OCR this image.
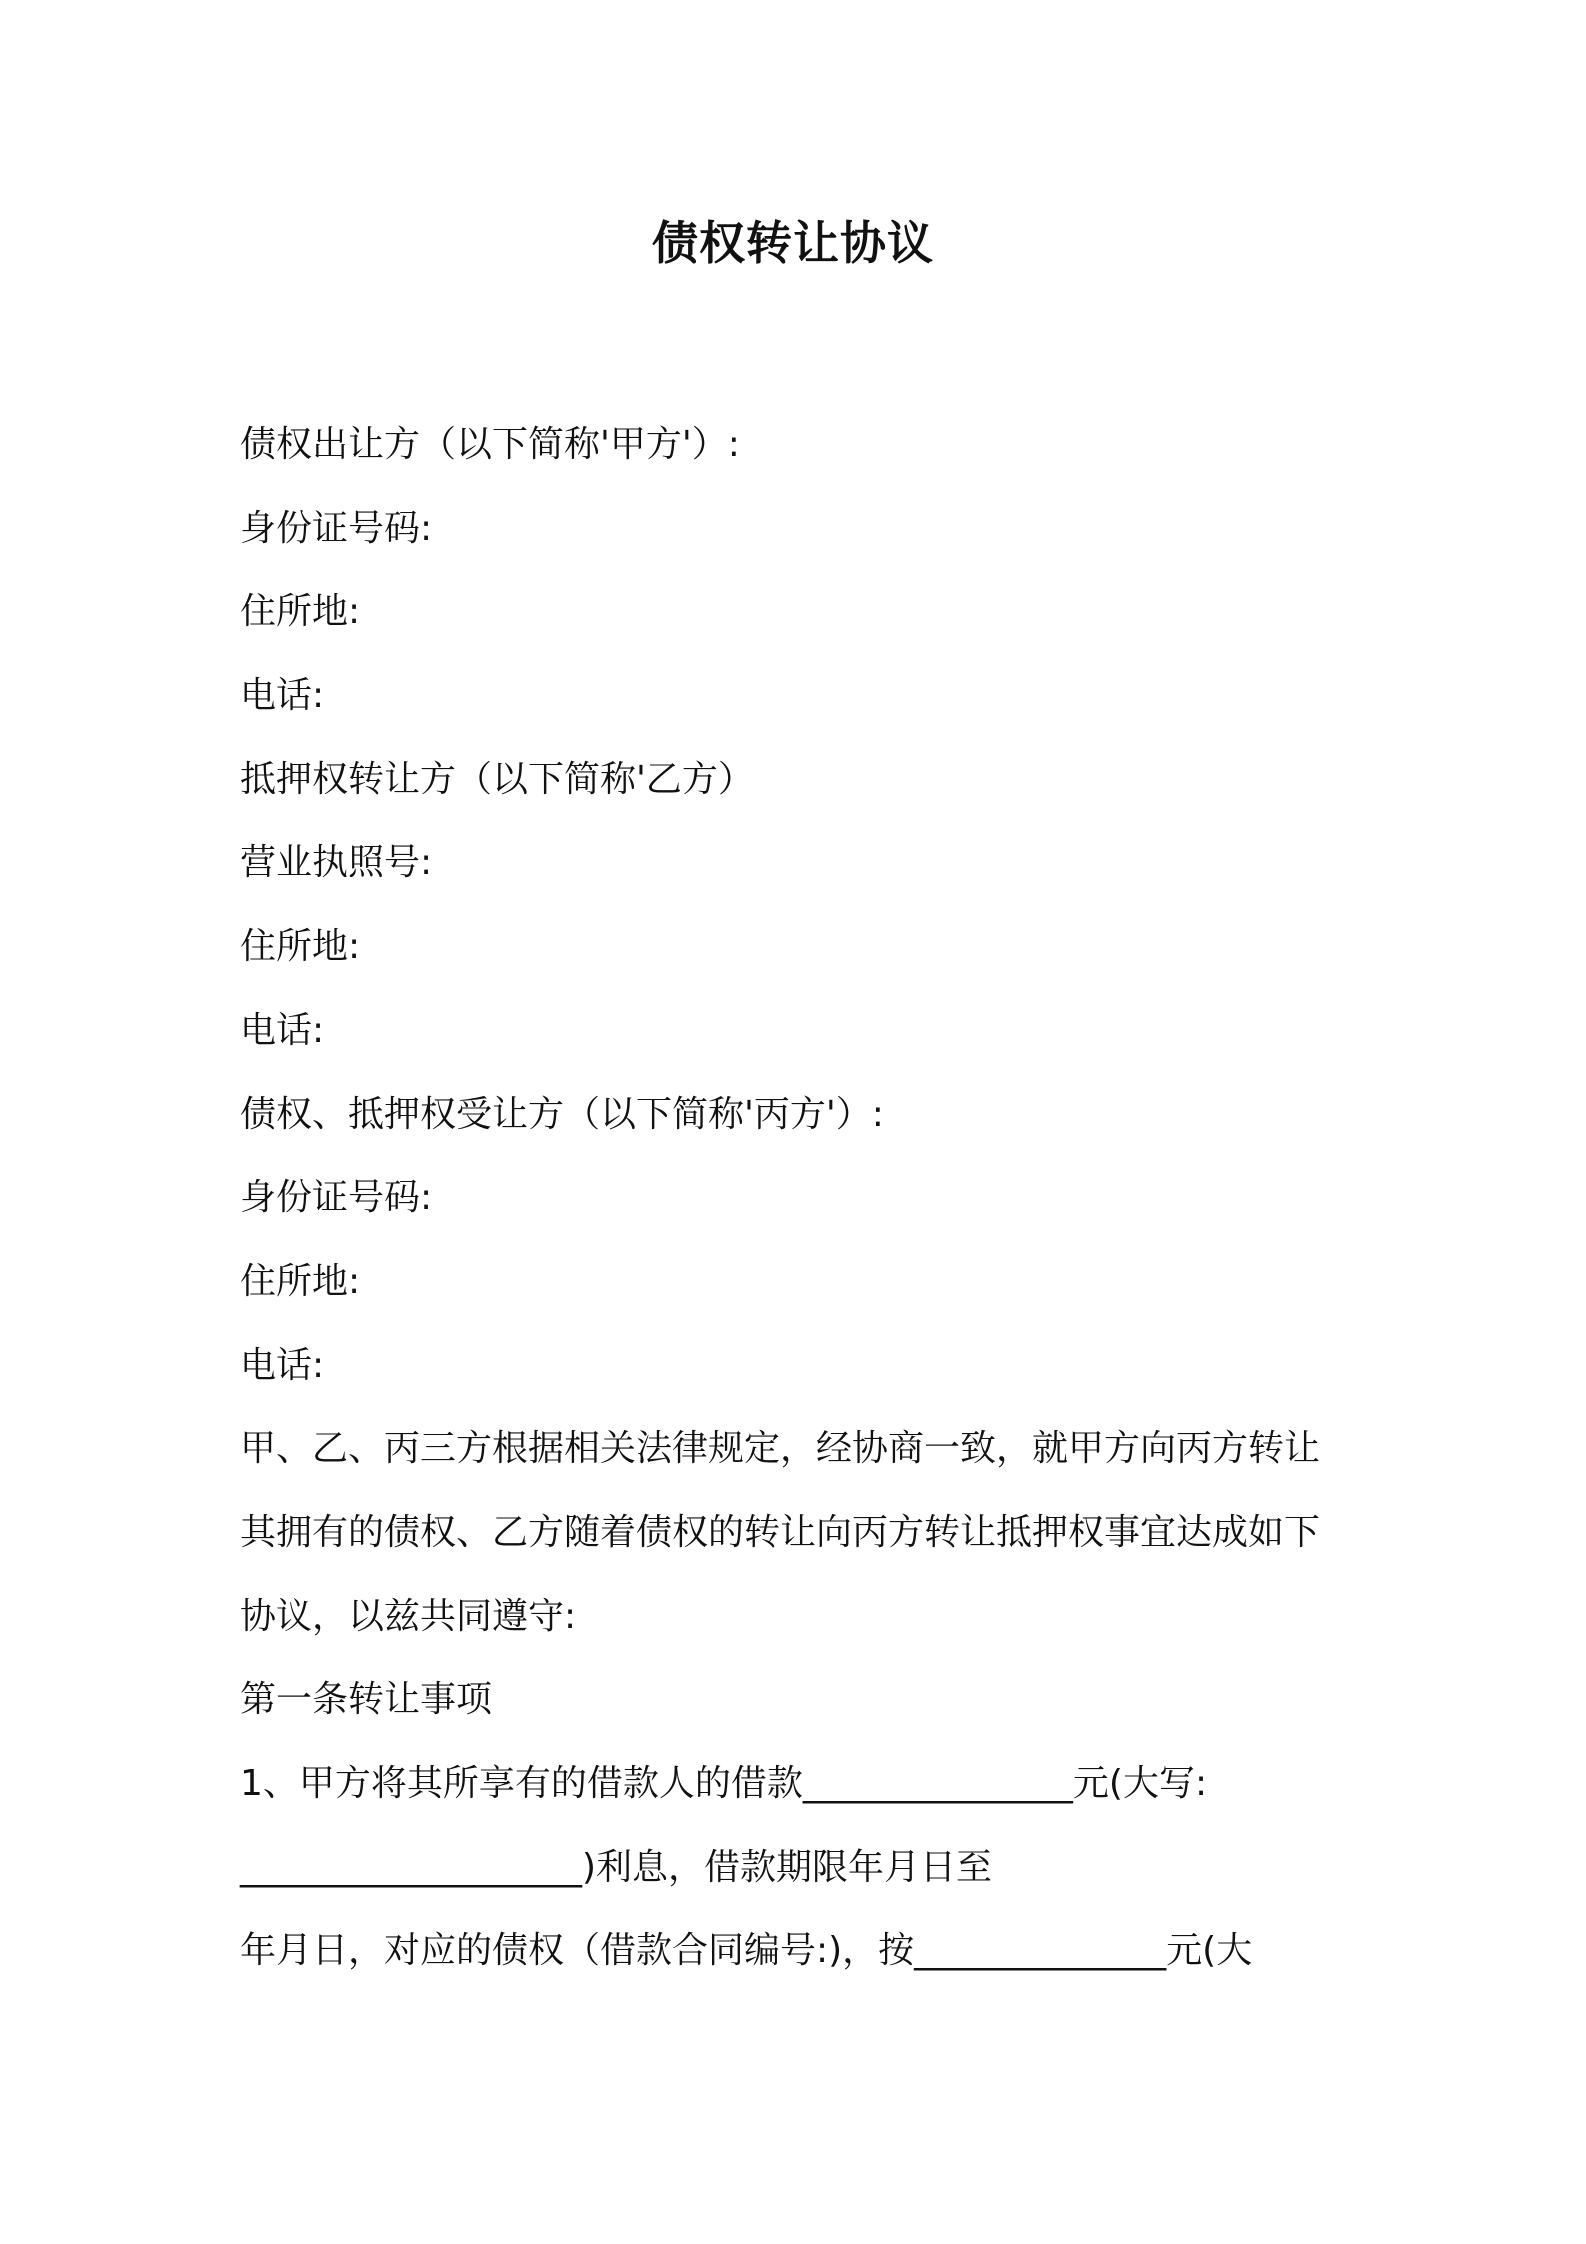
债权转让协议
债权出让方（以下简称'甲方'）:
身份证号码:
住所地:
电话:
抵押权转让方（以下简称'乙方）
营业执照号:
住所地:
电话:
债权、抵押权受让方（以下简称'丙方'）:
身份证号码:
住所地:
电话:
甲、乙、丙三方根据相关法律规定，经协商一致，就甲方向丙方转让
其拥有的债权、乙方随着债权的转让向丙方转让抵押权事宜达成如下
协议，以兹共同遵守:
第一条转让事项
1、甲方将其所享有的借款人的借款_______________元(大写:
___________________)利息，借款期限年月日至
年月日，对应的债权（借款合同编号:)，按______________元(大
